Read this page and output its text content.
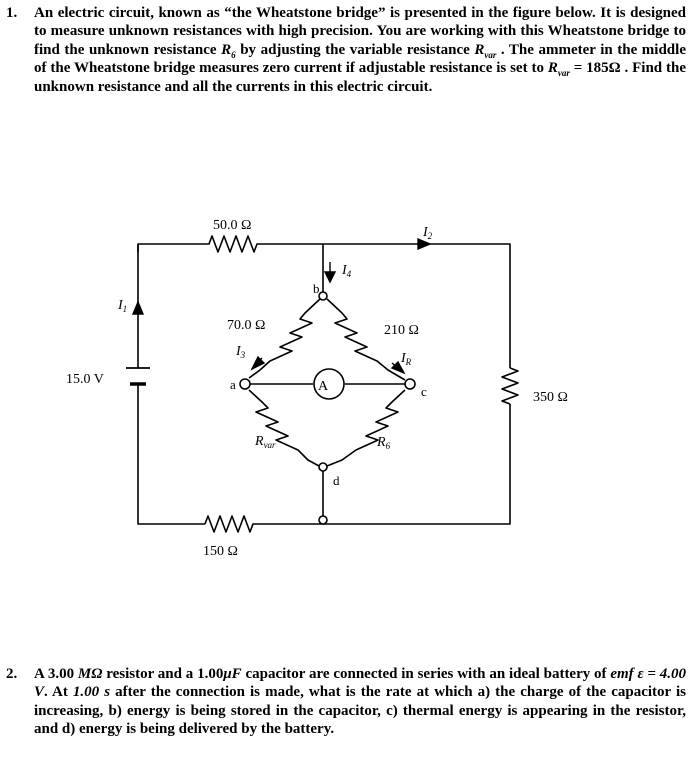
1. An electric circuit, known as “the Wheatstone bridge” is presented in the figure below. It is designed to measure unknown resistances with high precision. You are working with this Wheatstone bridge to find the unknown resistance $R_6$ by adjusting the variable resistance $R_{var}$ . The ammeter in the middle of the Wheatstone bridge measures zero current if adjustable resistance is set to $R_{var} = 185\Omega$ . Find the unknown resistance and all the currents in this electric circuit.

50.0 Ω
150 Ω
70.0 Ω	210 Ω
350 Ω
15.0 V	A
a
b
c
d
$I_1$
$I_2$
$I_3$
$I_4$
$I_R$
$R_{var}$	$R_6$
2. A 3.00 MΩ resistor and a 1.00μF capacitor are connected in series with an ideal battery of emf ε = 4.00 V. At 1.00 s after the connection is made, what is the rate at which a) the charge of the capacitor is increasing, b) energy is being stored in the capacitor, c) thermal energy is appearing in the resistor, and d) energy is being delivered by the battery.
